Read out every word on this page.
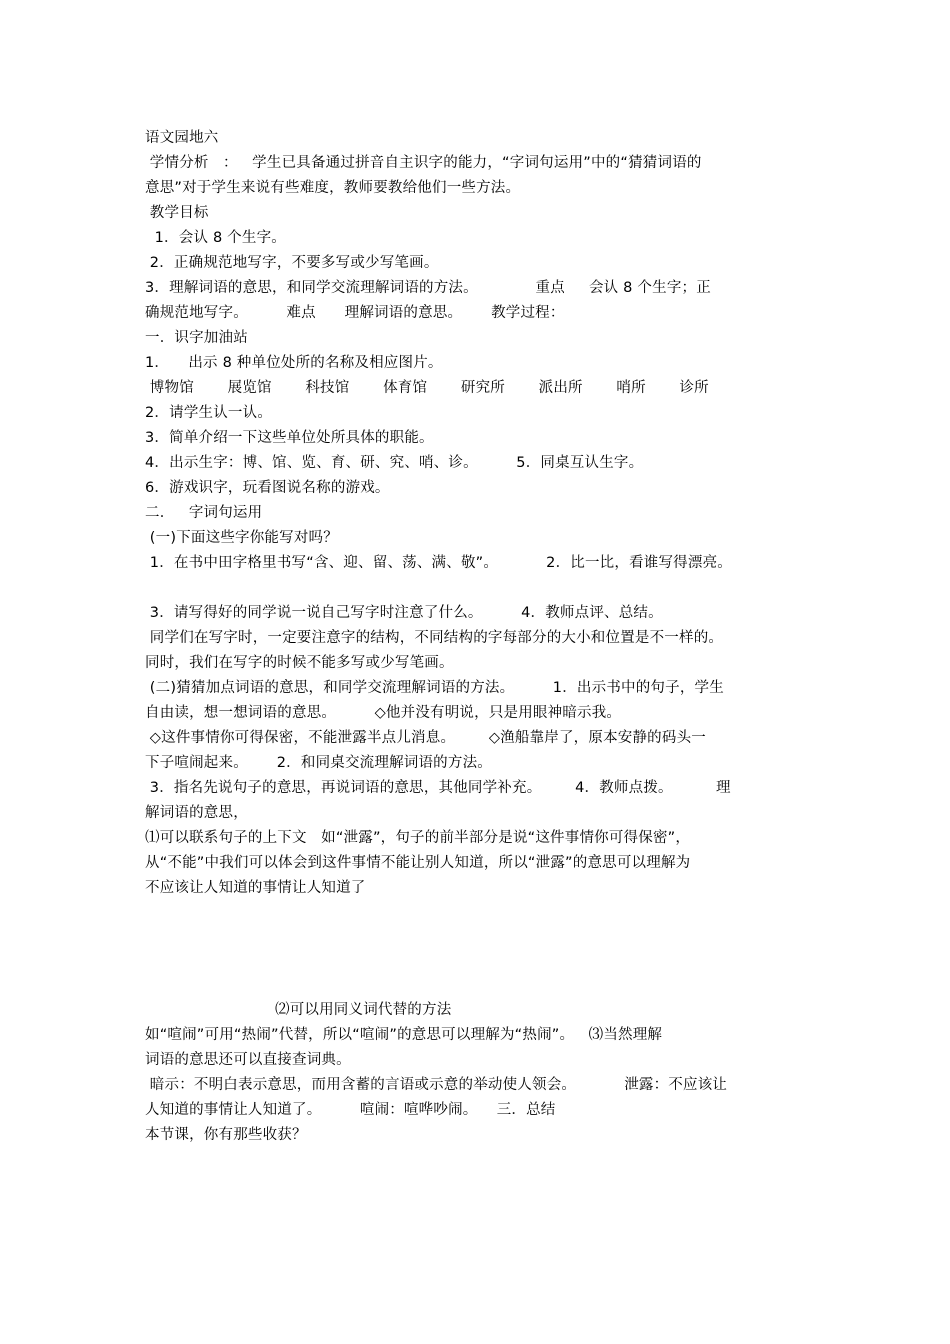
语文园地六
学情分析   ：   学生已具备通过拼音自主识字的能力，“字词句运用”中的“猜猜词语的
意思”对于学生来说有些难度，教师要教给他们一些方法。
教学目标
1．会认 8 个生字。
2．正确规范地写字，不要多写或少写笔画。
3．理解词语的意思，和同学交流理解词语的方法。            重点     会认 8 个生字；正
确规范地写字。        难点      理解词语的意思。      教学过程：
一．识字加油站
1．    出示 8 种单位处所的名称及相应图片。
博物馆       展览馆       科技馆       体育馆       研究所       派出所       哨所       诊所
2．请学生认一认。
3．简单介绍一下这些单位处所具体的职能。
4．出示生字：博、馆、览、育、研、究、哨、诊。        5．同桌互认生字。
6．游戏识字，玩看图说名称的游戏。
二．   字词句运用
(一)下面这些字你能写对吗？
1．在书中田字格里书写“含、迎、留、荡、满、敬”。          2．比一比，看谁写得漂亮。
3．请写得好的同学说一说自己写字时注意了什么。        4．教师点评、总结。
同学们在写字时，一定要注意字的结构，不同结构的字每部分的大小和位置是不一样的。
同时，我们在写字的时候不能多写或少写笔画。
(二)猜猜加点词语的意思，和同学交流理解词语的方法。        1．出示书中的句子，学生
自由读，想一想词语的意思。        ◇他并没有明说，只是用眼神暗示我。
◇这件事情你可得保密，不能泄露半点儿消息。       ◇渔船靠岸了，原本安静的码头一
下子喧闹起来。      2．和同桌交流理解词语的方法。
3．指名先说句子的意思，再说词语的意思，其他同学补充。       4．教师点拨。         理
解词语的意思，
⑴可以联系句子的上下文   如“泄露”，句子的前半部分是说“这件事情你可得保密”，
从“不能”中我们可以体会到这件事情不能让别人知道，所以“泄露”的意思可以理解为
不应该让人知道的事情让人知道了
⑵可以用同义词代替的方法
如“喧闹”可用“热闹”代替，所以“喧闹”的意思可以理解为“热闹”。   ⑶当然理解
词语的意思还可以直接查词典。
暗示：不明白表示意思，而用含蓄的言语或示意的举动使人领会。          泄露：不应该让
人知道的事情让人知道了。        喧闹：喧哗吵闹。    三．总结
本节课，你有那些收获？
